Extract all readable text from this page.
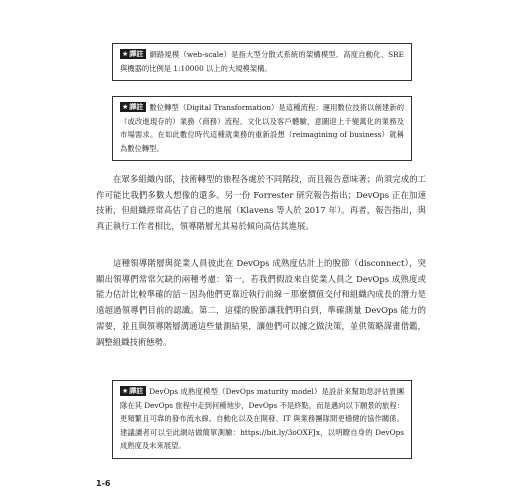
★譯註 網路規模（web-scale）是指大型分散式系統的架構模型、高度自動化、SRE 與機器的比例是 1:10000 以上的大規模架構。
★譯註 數位轉型（Digital Transformation）是這種流程：運用數位技術以創建新的（或改進現存的）業務（商務）流程、文化以及客戶體驗，意圖迎上千變萬化的業務及市場需求。在如此數位時代這種就業務的重新設想（reimagining of business）就稱為數位轉型。

在眾多組織內部，技術轉型的旅程各處於不同階段，而且報告意味著；尚須完成的工作可能比我們多數人想像的還多。另一份 Forrester 研究報告指出；DevOps 正在加速技術，但組織經常高估了自己的進展（Klavens 等人於 2017 年）。再者，報告指出，與真正執行工作者相比，領導階層尤其易於傾向高估其進展。

這種領導階層與從業人員彼此在 DevOps 成熟度估計上的脫節（disconnect），突顯出領導們常常欠缺的兩種考慮：第一，若我們假設來自從業人員之 DevOps 成熟度或能力估計比較準確的話－因為他們更靠近執行前線－那麼價值交付和組織內成長的潛力是遠超過領導們目前的認識。第二，這樣的脫節讓我們明白到，準確測量 DevOps 能力的需要，並且與領導階層溝通這些量測結果，讓他們可以據之做決策，並供策略謀畫借鑑，調整組織技術態勢。

★譯註 DevOps 成熟度模型（DevOps maturity model）是設計來幫助您評估貴團隊在其 DevOps 旅程中走到何種地步，DevOps 不是終點，而是邁向以下願景的旅程：更頻繁且可靠的發布流水線、自動化以及在開發、IT 與業務團隊間更穩健的協作關係。建議讀者可以至此網站做簡單測驗：https://bit.ly/3oOXFJx，以明瞭自身的 DevOps 成熟度及未來展望。
1-6
